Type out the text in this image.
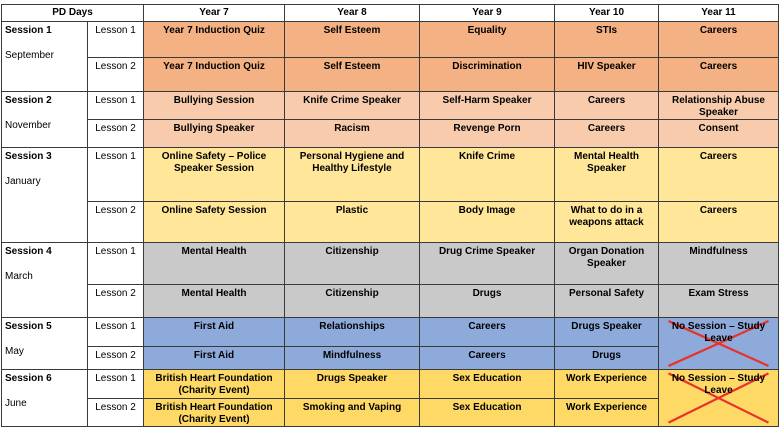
PD Days		Year 7	Year 8	Year 9	Year 10	Year 11
Session 1
September	Lesson 1	Year 7 Induction Quiz	Self Esteem	Equality	STIs	Careers
	Lesson 2	Year 7 Induction Quiz	Self Esteem	Discrimination	HIV Speaker	Careers
Session 2
November	Lesson 1	Bullying Session	Knife Crime Speaker	Self-Harm Speaker	Careers	Relationship Abuse Speaker
	Lesson 2	Bullying Speaker	Racism	Revenge Porn	Careers	Consent
Session 3
January	Lesson 1	Online Safety – Police Speaker Session	Personal Hygiene and Healthy Lifestyle	Knife Crime	Mental Health Speaker	Careers
	Lesson 2	Online Safety Session	Plastic	Body Image	What to do in a weapons attack	Careers
Session 4
March	Lesson 1	Mental Health	Citizenship	Drug Crime Speaker	Organ Donation Speaker	Mindfulness
	Lesson 2	Mental Health	Citizenship	Drugs	Personal Safety	Exam Stress
Session 5
May	Lesson 1	First Aid	Relationships	Careers	Drugs Speaker	No Session – Study Leave
	Lesson 2	First Aid	Mindfulness	Careers	Drugs	
Session 6
June	Lesson 1	British Heart Foundation (Charity Event)	Drugs Speaker	Sex Education	Work Experience	No Session – Study Leave
	Lesson 2	British Heart Foundation (Charity Event)	Smoking and Vaping	Sex Education	Work Experience	
